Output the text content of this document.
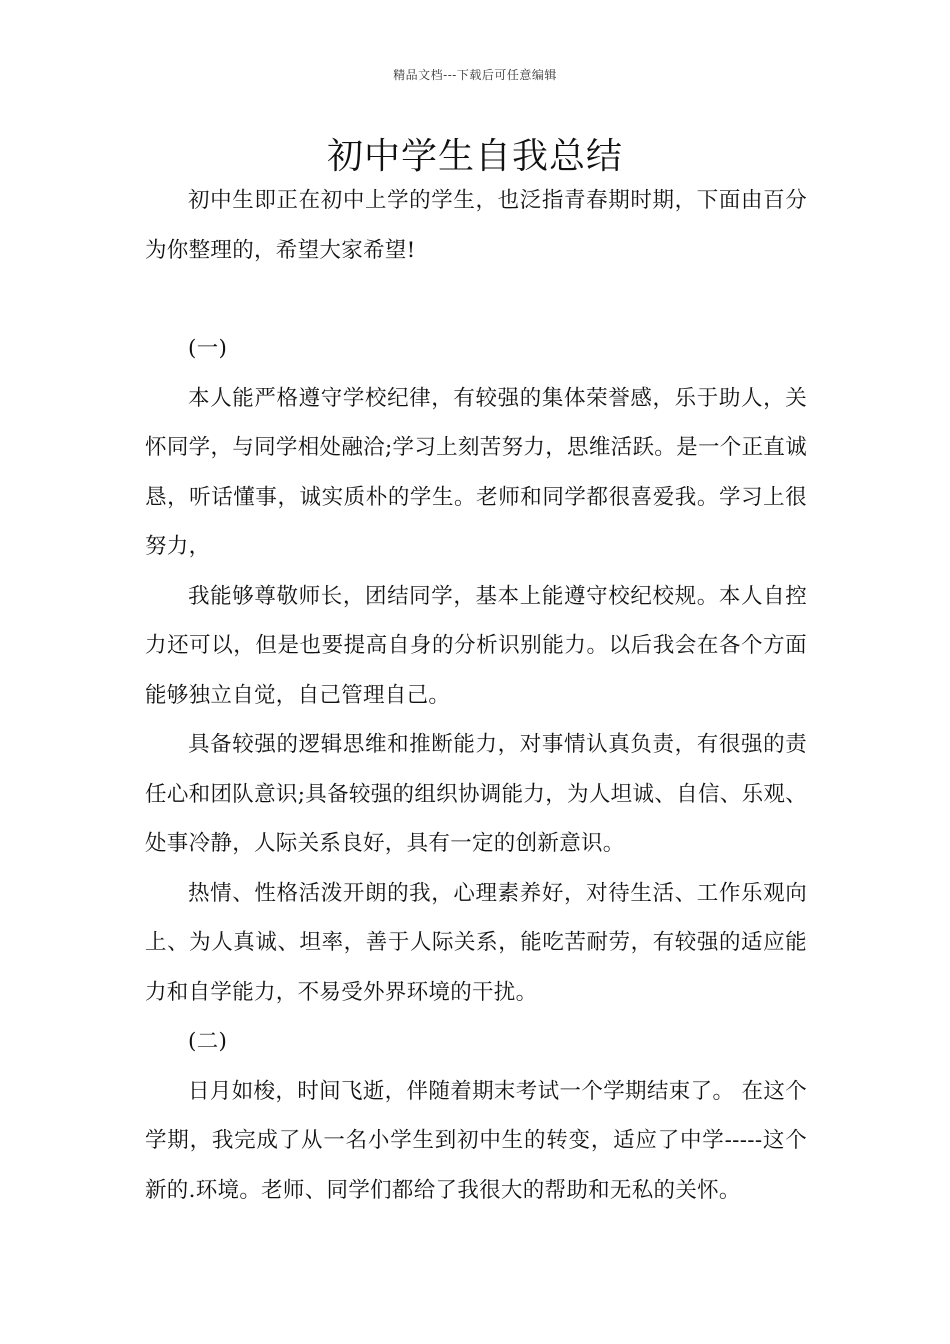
精品文档---下载后可任意编辑
初中学生自我总结

初中生即正在初中上学的学生，也泛指青春期时期，下面由百分为你整理的，希望大家希望!

(一)

本人能严格遵守学校纪律，有较强的集体荣誉感，乐于助人，关怀同学，与同学相处融洽;学习上刻苦努力，思维活跃。是一个正直诚恳，听话懂事，诚实质朴的学生。老师和同学都很喜爱我。学习上很努力，

我能够尊敬师长，团结同学，基本上能遵守校纪校规。本人自控力还可以，但是也要提高自身的分析识别能力。以后我会在各个方面能够独立自觉，自己管理自己。

具备较强的逻辑思维和推断能力，对事情认真负责，有很强的责任心和团队意识;具备较强的组织协调能力，为人坦诚、自信、乐观、处事冷静，人际关系良好，具有一定的创新意识。

热情、性格活泼开朗的我，心理素养好，对待生活、工作乐观向上、为人真诚、坦率，善于人际关系，能吃苦耐劳，有较强的适应能力和自学能力，不易受外界环境的干扰。

(二)

日月如梭，时间飞逝，伴随着期末考试一个学期结束了。 在这个学期，我完成了从一名小学生到初中生的转变，适应了中学-----这个新的.环境。老师、同学们都给了我很大的帮助和无私的关怀。
